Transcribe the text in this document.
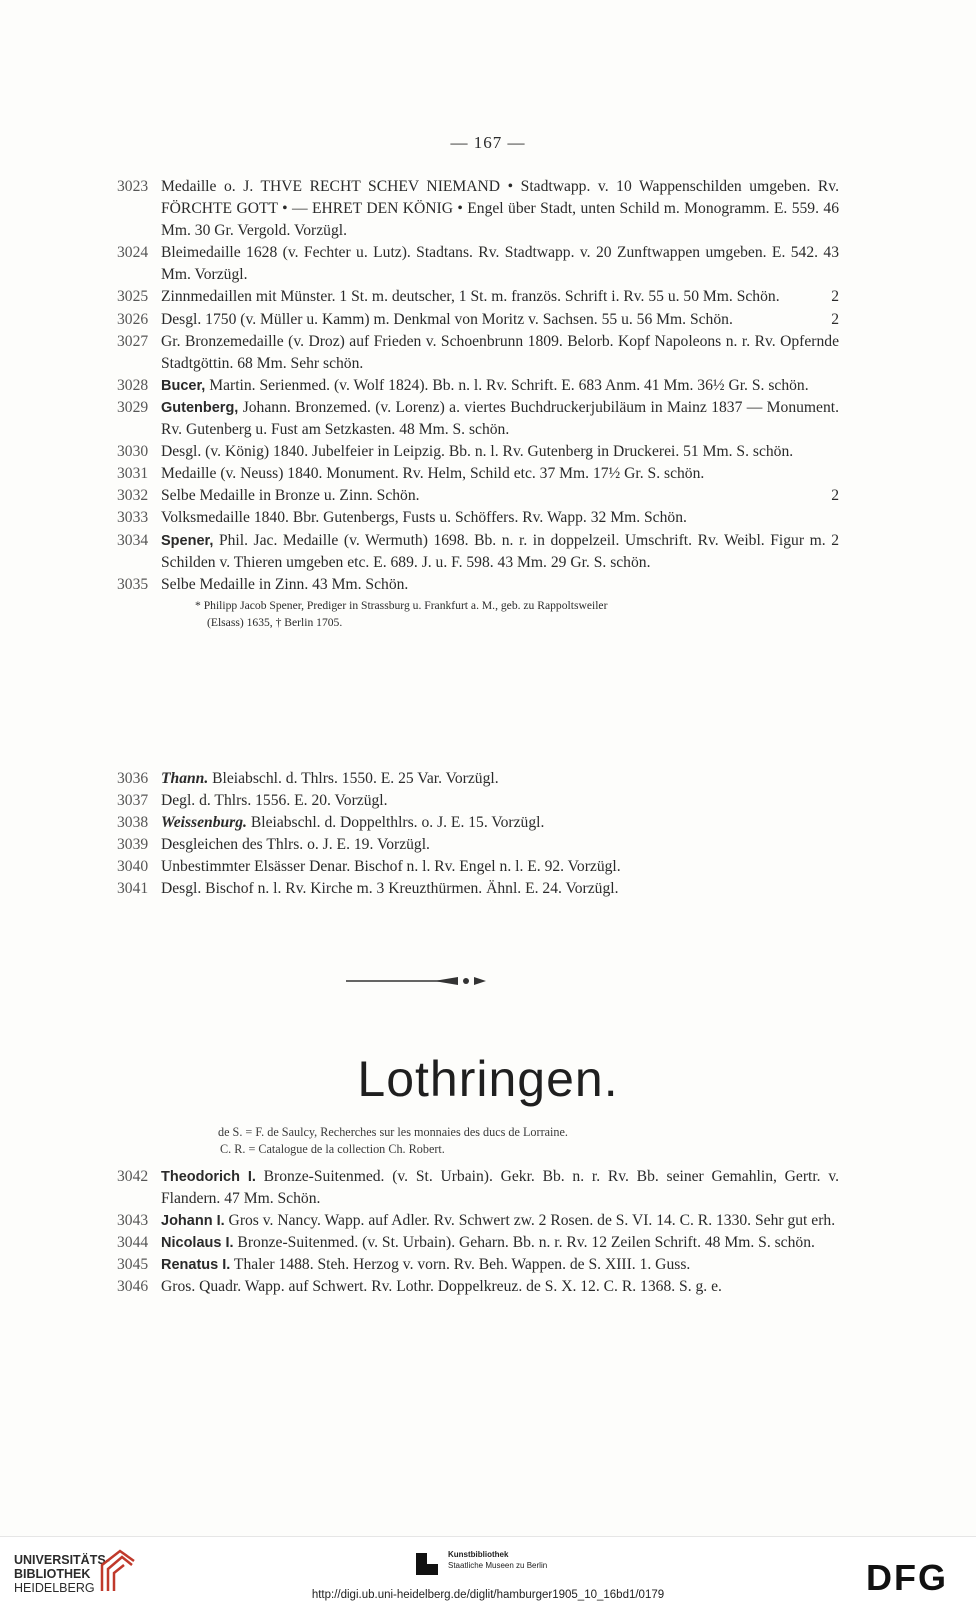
— 167 —
3023 Medaille o. J. THVE RECHT SCHEV NIEMAND • Stadtwapp. v. 10 Wappenschilden umgeben. Rv. FÖRCHTE GOTT • — EHRET DEN KÖNIG • Engel über Stadt, unten Schild m. Monogramm. E. 559. 46 Mm. 30 Gr. Vergold. Vorzügl.
3024 Bleimedaille 1628 (v. Fechter u. Lutz). Stadtans. Rv. Stadtwapp. v. 20 Zunftwappen umgeben. E. 542. 43 Mm. Vorzügl.
3025 Zinnmedaillen mit Münster. 1 St. m. deutscher, 1 St. m. französ. Schrift i. Rv. 55 u. 50 Mm. Schön.	2
3026 Desgl. 1750 (v. Müller u. Kamm) m. Denkmal von Moritz v. Sachsen. 55 u. 56 Mm. Schön.	2
3027 Gr. Bronzemedaille (v. Droz) auf Frieden v. Schoenbrunn 1809. Belorb. Kopf Napoleons n. r. Rv. Opfernde Stadtgöttin. 68 Mm. Sehr schön.
3028 Bucer, Martin. Serienmed. (v. Wolf 1824). Bb. n. l. Rv. Schrift. E. 683 Anm. 41 Mm. 36½ Gr. S. schön.
3029 Gutenberg, Johann. Bronzemed. (v. Lorenz) a. viertes Buchdruckerjubiläum in Mainz 1837 — Monument. Rv. Gutenberg u. Fust am Setzkasten. 48 Mm. S. schön.
3030 Desgl. (v. König) 1840. Jubelfeier in Leipzig. Bb. n. l. Rv. Gutenberg in Druckerei. 51 Mm. S. schön.
3031 Medaille (v. Neuss) 1840. Monument. Rv. Helm, Schild etc. 37 Mm. 17½ Gr. S. schön.
3032 Selbe Medaille in Bronze u. Zinn. Schön.	2
3033 Volksmedaille 1840. Bbr. Gutenbergs, Fusts u. Schöffers. Rv. Wapp. 32 Mm. Schön.
3034 Spener, Phil. Jac. Medaille (v. Wermuth) 1698. Bb. n. r. in doppelzeil. Umschrift. Rv. Weibl. Figur m. 2 Schilden v. Thieren umgeben etc. E. 689. J. u. F. 598. 43 Mm. 29 Gr. S. schön.
3035 Selbe Medaille in Zinn. 43 Mm. Schön.
* Philipp Jacob Spener, Prediger in Strassburg u. Frankfurt a. M., geb. zu Rappoltsweiler
(Elsass) 1635, † Berlin 1705.
3036 Thann. Bleiabschl. d. Thlrs. 1550. E. 25 Var. Vorzügl.
3037 Degl. d. Thlrs. 1556. E. 20. Vorzügl.
3038 Weissenburg. Bleiabschl. d. Doppelthlrs. o. J. E. 15. Vorzügl.
3039 Desgleichen des Thlrs. o. J. E. 19. Vorzügl.
3040 Unbestimmter Elsässer Denar. Bischof n. l. Rv. Engel n. l. E. 92. Vorzügl.
3041 Desgl. Bischof n. l. Rv. Kirche m. 3 Kreuzthürmen. Ähnl. E. 24. Vorzügl.
Lothringen.
de S. = F. de Saulcy, Recherches sur les monnaies des ducs de Lorraine.
C. R. = Catalogue de la collection Ch. Robert.
3042 Theodorich I. Bronze-Suitenmed. (v. St. Urbain). Gekr. Bb. n. r. Rv. Bb. seiner Gemahlin, Gertr. v. Flandern. 47 Mm. Schön.
3043 Johann I. Gros v. Nancy. Wapp. auf Adler. Rv. Schwert zw. 2 Rosen. de S. VI. 14. C. R. 1330. Sehr gut erh.
3044 Nicolaus I. Bronze-Suitenmed. (v. St. Urbain). Geharn. Bb. n. r. Rv. 12 Zeilen Schrift. 48 Mm. S. schön.
3045 Renatus I. Thaler 1488. Steh. Herzog v. vorn. Rv. Beh. Wappen. de S. XIII. 1. Guss.
3046 Gros. Quadr. Wapp. auf Schwert. Rv. Lothr. Doppelkreuz. de S. X. 12. C. R. 1368. S. g. e.
UNIVERSITÄTS-
BIBLIOTHEK
HEIDELBERG
Kunstbibliothek
Staatliche Museen zu Berlin	DFG
http://digi.ub.uni-heidelberg.de/diglit/hamburger1905_10_16bd1/0179
